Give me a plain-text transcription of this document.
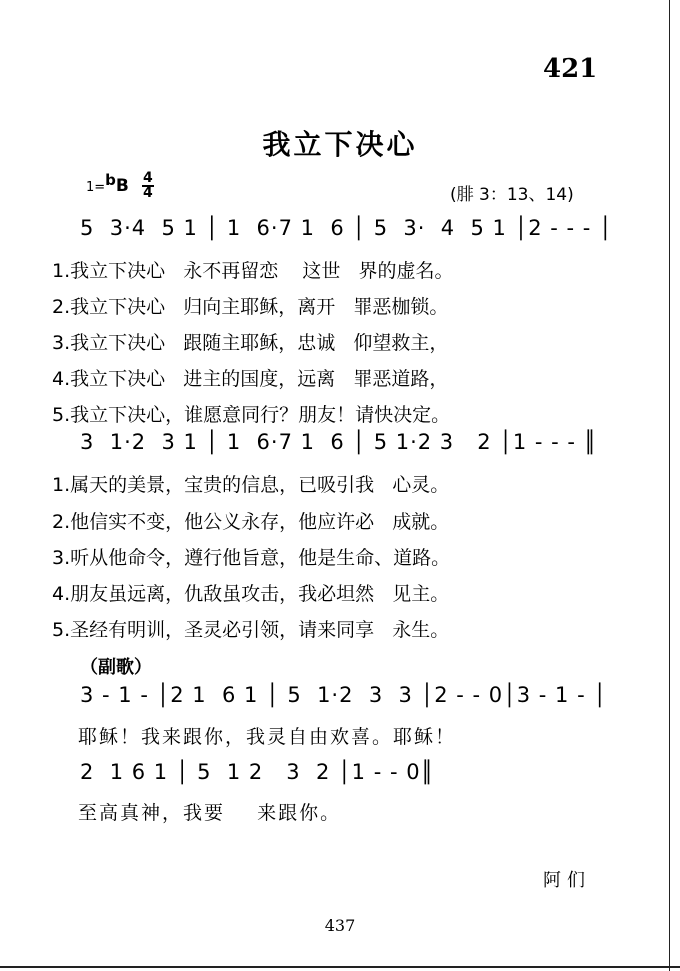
421
我立下决心
$1=bB \frac{4}{4}$	(腓 3：13、14)
5  3·4  5 1 │ 1  6·7 1  6 │ 5  3·  4  5 1 │2 - - - │
1.我立下决心   永不再留恋    这世   界的虚名。
2.我立下决心   归向主耶稣，离开   罪恶枷锁。
3.我立下决心   跟随主耶稣，忠诚   仰望救主，
4.我立下决心   进主的国度，远离   罪恶道路，
5.我立下决心，谁愿意同行？朋友！请快决定。
3  1·2  3 1 │ 1  6·7 1  6 │ 5 1·2 3   2 │1 - - - ║
1.属天的美景，宝贵的信息，已吸引我   心灵。
2.他信实不变，他公义永存，他应许必   成就。
3.听从他命令，遵行他旨意，他是生命、道路。
4.朋友虽远离，仇敌虽攻击，我必坦然   见主。
5.圣经有明训，圣灵必引领，请来同享   永生。
（副歌）
3 - 1 - │2 1  6 1 │ 5  1·2  3  3 │2 - - 0│3 - 1 - │
耶稣！我来跟你，我灵自由欢喜。耶稣！
2  1 6 1 │ 5  1 2   3  2 │1 - - 0║
至高真神，我要    来跟你。
阿们
437
